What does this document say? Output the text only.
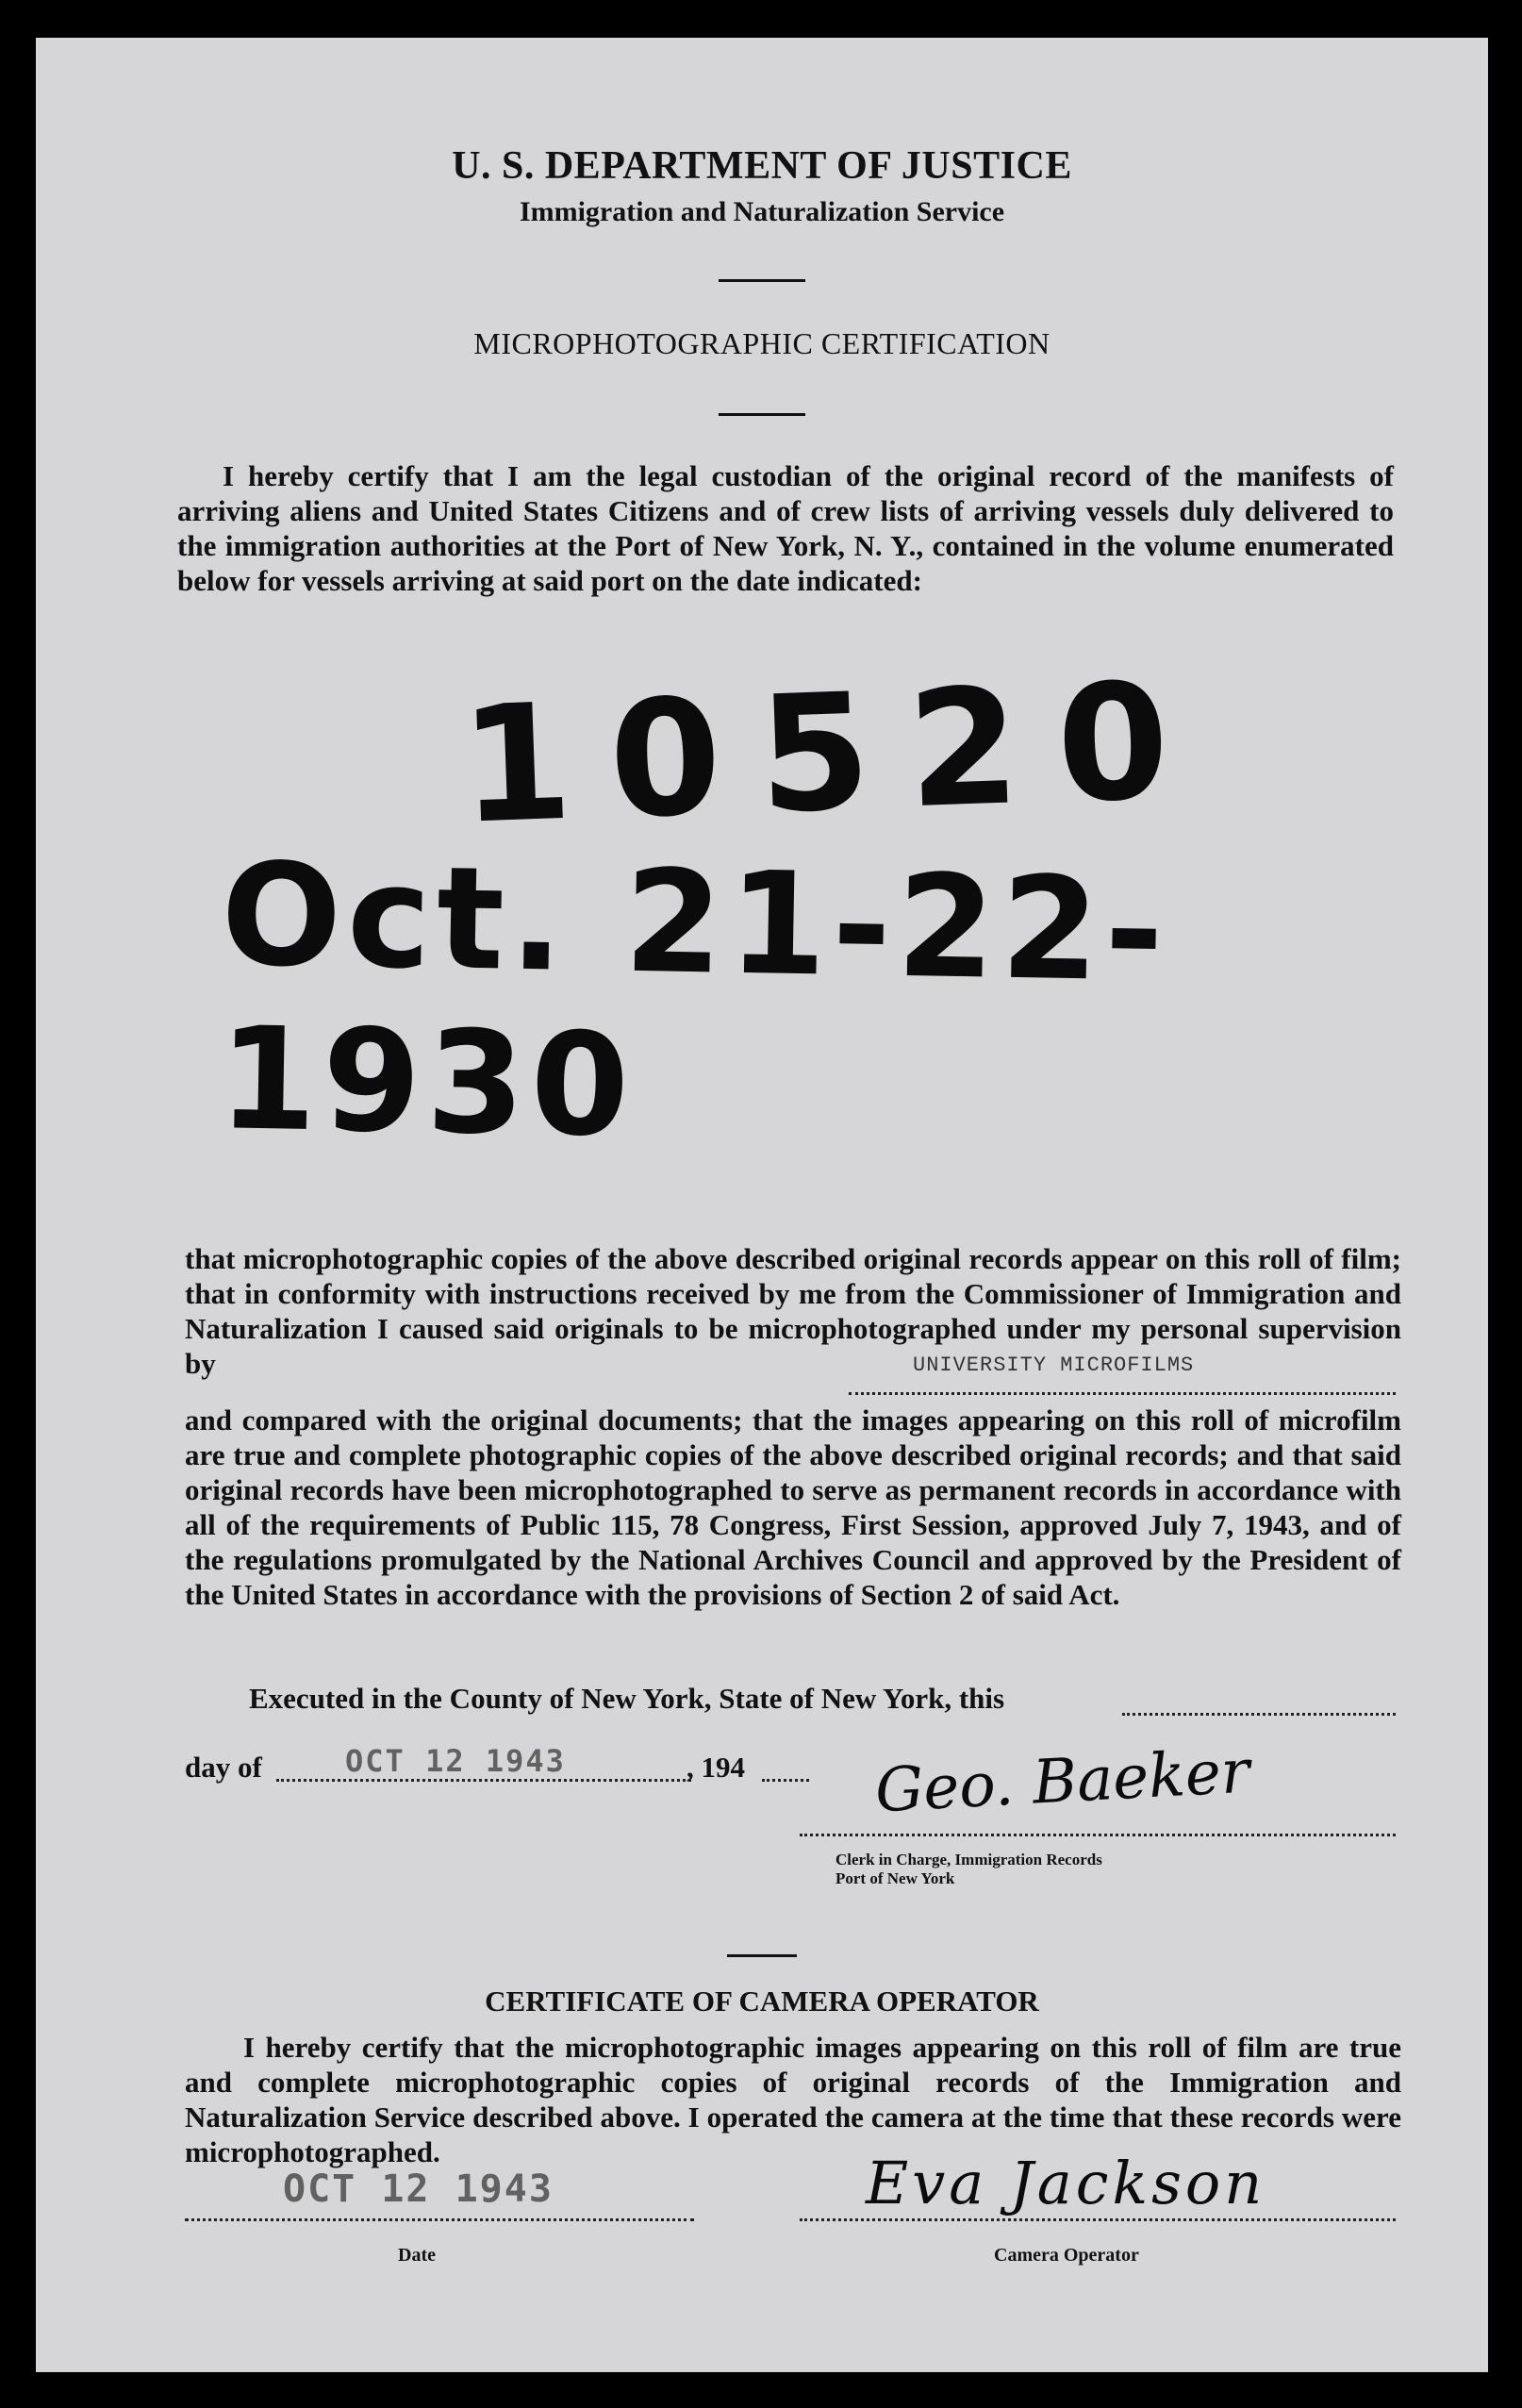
U. S. DEPARTMENT OF JUSTICE
Immigration and Naturalization Service
MICROPHOTOGRAPHIC CERTIFICATION
I hereby certify that I am the legal custodian of the original record of the manifests of arriving aliens and United States Citizens and of crew lists of arriving vessels duly delivered to the immigration authorities at the Port of New York, N. Y., contained in the volume enumerated below for vessels arriving at said port on the date indicated:
10520
Oct. 21-22-1930
that microphotographic copies of the above described original records appear on this roll of film; that in conformity with instructions received by me from the Commissioner of Immigration and Naturalization I caused said originals to be microphotographed under my personal supervision by	UNIVERSITY MICROFILMS
and compared with the original documents; that the images appearing on this roll of microfilm are true and complete photographic copies of the above described original records; and that said original records have been microphotographed to serve as permanent records in accordance with all of the requirements of Public 115, 78 Congress, First Session, approved July 7, 1943, and of the regulations promulgated by the National Archives Council and approved by the President of the United States in accordance with the provisions of Section 2 of said Act.
Executed in the County of New York, State of New York, this
day of	OCT 12 1943	, 194 Geo. Baeker
Clerk in Charge, Immigration Records
Port of New York
CERTIFICATE OF CAMERA OPERATOR
I hereby certify that the microphotographic images appearing on this roll of film are true and complete microphotographic copies of original records of the Immigration and Naturalization Service described above. I operated the camera at the time that these records were microphotographed.
OCT 12 1943
Date
Eva Jackson
Camera Operator
